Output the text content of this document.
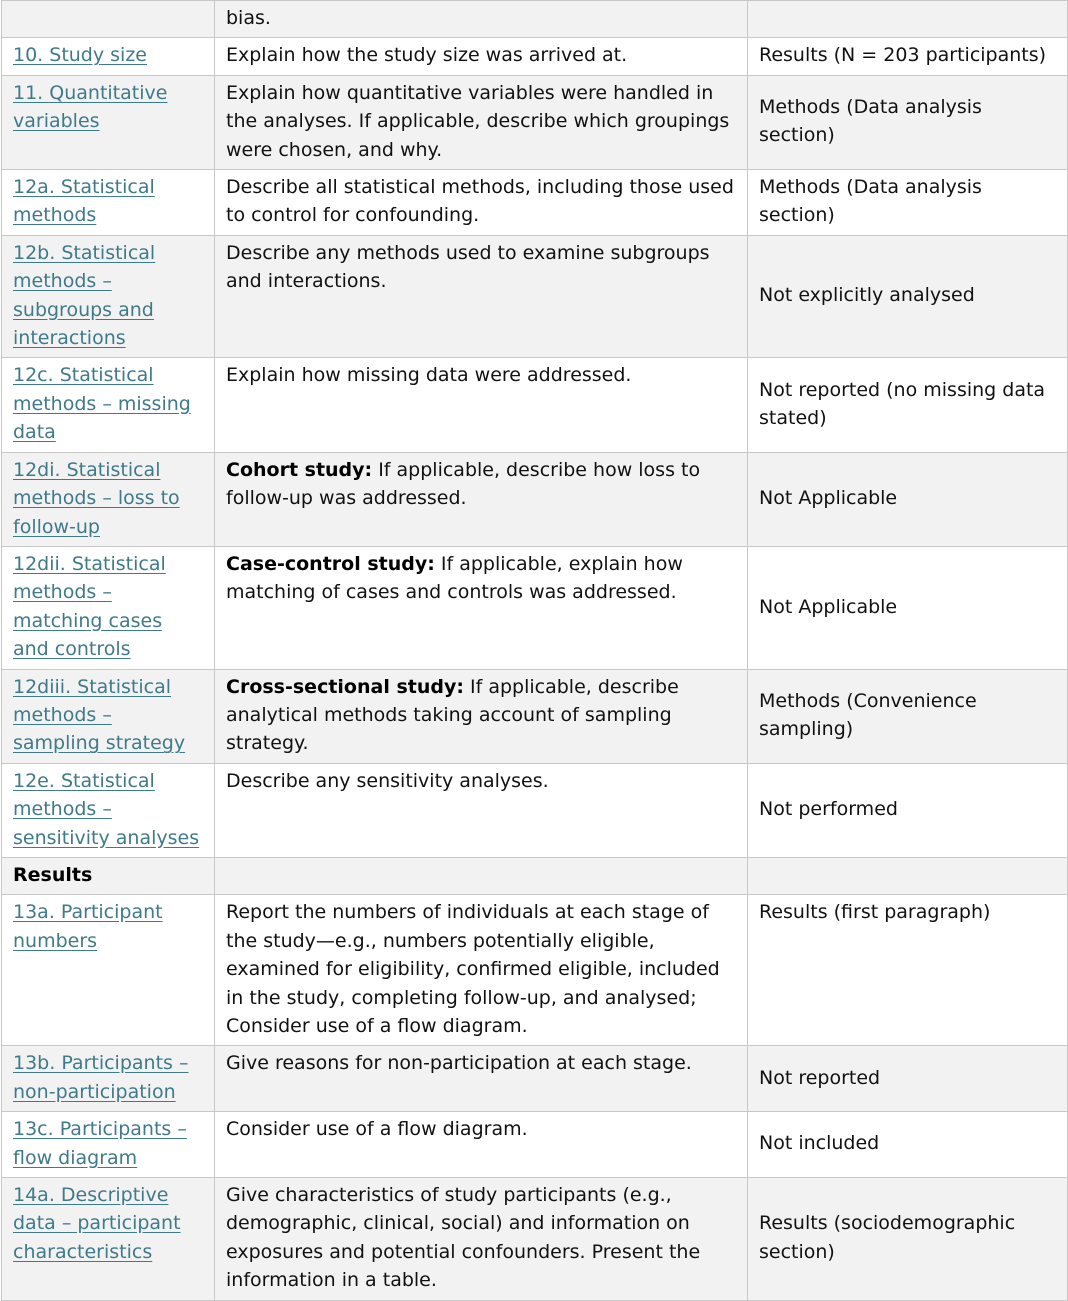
	bias.	
10. Study size	Explain how the study size was arrived at.	Results (N = 203 participants)
11. Quantitative variables	Explain how quantitative variables were handled in the analyses. If applicable, describe which groupings were chosen, and why.	Methods (Data analysis section)
12a. Statistical methods	Describe all statistical methods, including those used to control for confounding.	Methods (Data analysis section)
12b. Statistical methods – subgroups and interactions	Describe any methods used to examine subgroups and interactions.	Not explicitly analysed
12c. Statistical methods – missing data	Explain how missing data were addressed.	Not reported (no missing data stated)
12di. Statistical methods – loss to follow-up	Cohort study: If applicable, describe how loss to follow-up was addressed.	Not Applicable
12dii. Statistical methods – matching cases and controls	Case-control study: If applicable, explain how matching of cases and controls was addressed.	Not Applicable
12diii. Statistical methods – sampling strategy	Cross-sectional study: If applicable, describe analytical methods taking account of sampling strategy.	Methods (Convenience sampling)
12e. Statistical methods – sensitivity analyses	Describe any sensitivity analyses.	Not performed
Results		
13a. Participant numbers	Report the numbers of individuals at each stage of the study—e.g., numbers potentially eligible, examined for eligibility, confirmed eligible, included in the study, completing follow-up, and analysed; Consider use of a flow diagram.	Results (first paragraph)
13b. Participants – non-participation	Give reasons for non-participation at each stage.	Not reported
13c. Participants – flow diagram	Consider use of a flow diagram.	Not included
14a. Descriptive data – participant characteristics	Give characteristics of study participants (e.g., demographic, clinical, social) and information on exposures and potential confounders. Present the information in a table.	Results (sociodemographic section)
